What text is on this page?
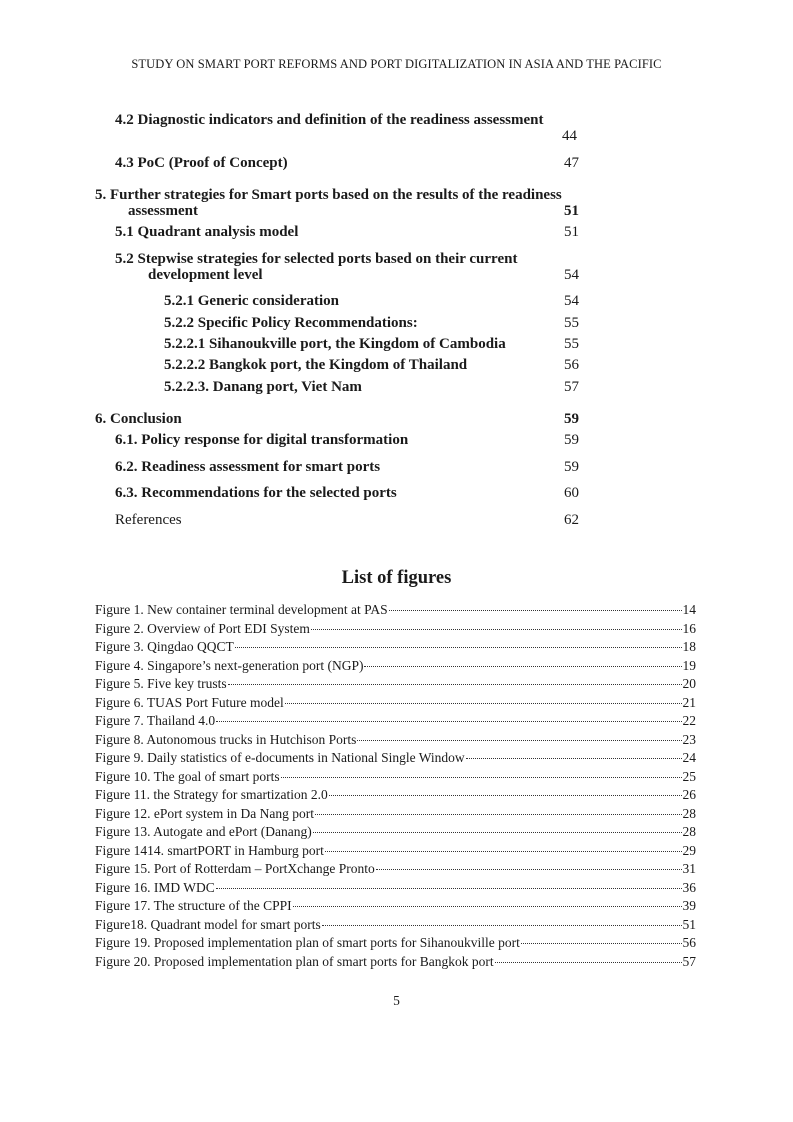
STUDY ON SMART PORT REFORMS AND PORT DIGITALIZATION IN ASIA AND THE PACIFIC
4.2 Diagnostic indicators and definition of the readiness assessment
44
4.3 PoC (Proof of Concept)	47
5. Further strategies for Smart ports based on the results of the readiness
assessment	51
5.1 Quadrant analysis model	51
5.2 Stepwise strategies for selected ports based on their current
development level	54
5.2.1 Generic consideration	54
5.2.2 Specific Policy Recommendations:	55
5.2.2.1 Sihanoukville port, the Kingdom of Cambodia	55
5.2.2.2 Bangkok port, the Kingdom of Thailand	56
5.2.2.3. Danang port, Viet Nam	57
6. Conclusion	59
6.1. Policy response for digital transformation	59
6.2. Readiness assessment for smart ports	59
6.3. Recommendations for the selected ports	60
References	62
List of figures
Figure 1. New container terminal development at PAS	14
Figure 2. Overview of Port EDI System	16
Figure 3. Qingdao QQCT	18
Figure 4. Singapore’s next-generation port (NGP)	19
Figure 5. Five key trusts	20
Figure 6. TUAS Port Future model	21
Figure 7. Thailand 4.0	22
Figure 8. Autonomous trucks in Hutchison Ports	23
Figure 9. Daily statistics of e-documents in National Single Window	24
Figure 10. The goal of smart ports	25
Figure 11. the Strategy for smartization 2.0	26
Figure 12. ePort system in Da Nang port	28
Figure 13. Autogate and ePort (Danang)	28
Figure 1414. smartPORT in Hamburg port	29
Figure 15. Port of Rotterdam – PortXchange Pronto	31
Figure 16. IMD WDC	36
Figure 17. The structure of the CPPI	39
Figure18. Quadrant model for smart ports	51
Figure 19. Proposed implementation plan of smart ports for Sihanoukville port	56
Figure 20. Proposed implementation plan of smart ports for Bangkok port	57
5
